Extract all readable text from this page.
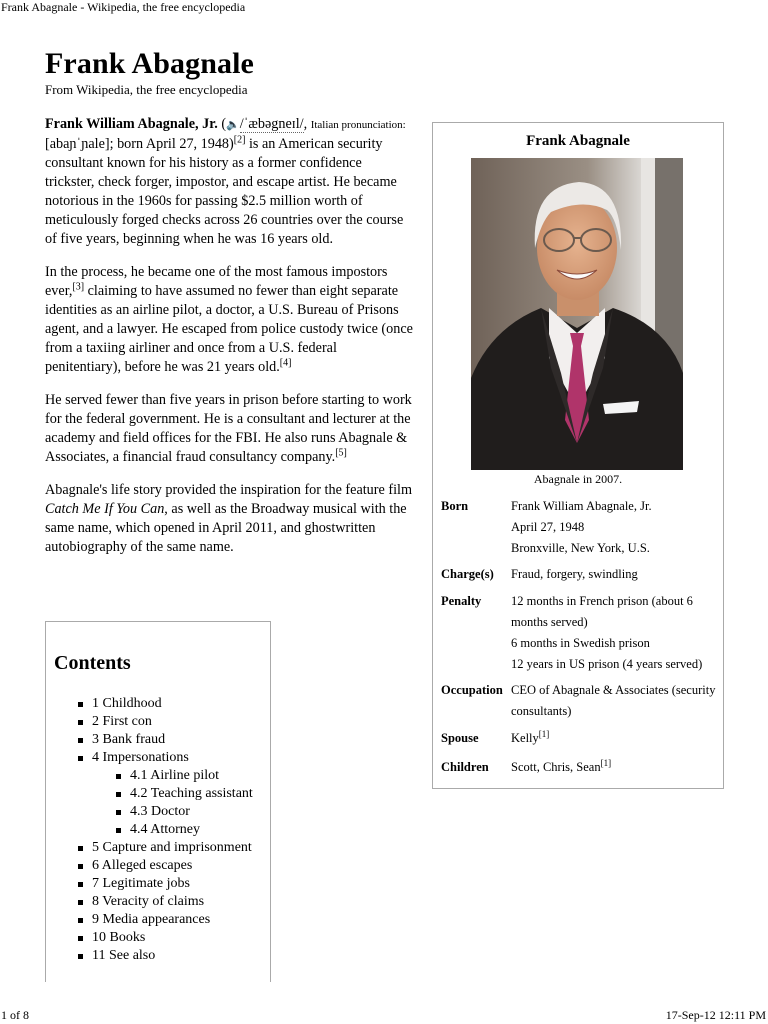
Frank Abagnale - Wikipedia, the free encyclopedia
Frank Abagnale
From Wikipedia, the free encyclopedia

Frank William Abagnale, Jr. (🔈/ˈæbəgneɪl/, Italian pronunciation: [abaɲˈɲale]; born April 27, 1948)[2] is an American security consultant known for his history as a former confidence trickster, check forger, impostor, and escape artist. He became notorious in the 1960s for passing $2.5 million worth of meticulously forged checks across 26 countries over the course of five years, beginning when he was 16 years old.

In the process, he became one of the most famous impostors ever,[3] claiming to have assumed no fewer than eight separate identities as an airline pilot, a doctor, a U.S. Bureau of Prisons agent, and a lawyer. He escaped from police custody twice (once from a taxiing airliner and once from a U.S. federal penitentiary), before he was 21 years old.[4]

He served fewer than five years in prison before starting to work for the federal government. He is a consultant and lecturer at the academy and field offices for the FBI. He also runs Abagnale & Associates, a financial fraud consultancy company.[5]

Abagnale's life story provided the inspiration for the feature film Catch Me If You Can, as well as the Broadway musical with the same name, which opened in April 2011, and ghostwritten autobiography of the same name.

Contents
1 Childhood
2 First con
3 Bank fraud
4 Impersonations
4.1 Airline pilot
4.2 Teaching assistant
4.3 Doctor
4.4 Attorney
5 Capture and imprisonment
6 Alleged escapes
7 Legitimate jobs
8 Veracity of claims
9 Media appearances
10 Books
11 See also
Frank Abagnale
Abagnale in 2007.
Born	Frank William Abagnale, Jr.
April 27, 1948
Bronxville, New York, U.S.
Charge(s)	Fraud, forgery, swindling
Penalty	12 months in French prison (about 6 months served)
6 months in Swedish prison
12 years in US prison (4 years served)
Occupation CEO of Abagnale & Associates (security consultants)
Spouse	Kelly[1]
Children	Scott, Chris, Sean[1]
1 of 8	17-Sep-12 12:11 PM
